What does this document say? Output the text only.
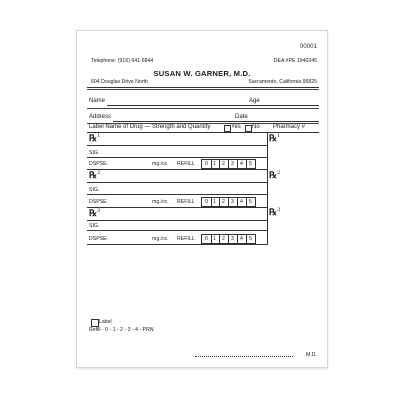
00001
Telephone: (916) 641-6844	DEA #PE 1940245
SUSAN W. GARNER, M.D.
604 Douglas Drive North	Sacramento, California 95825
Name	Age
Address	Date
Label Name of Drug — Strength and Quantity	Yes No Pharmacy #
℞$^1$
SIG.
DSPSE.	mg./cc. REFILL	0 1	2	3	4	5
℞$^1$
℞$^2$
SIG.
DSPSE.	mg./cc. REFILL	0 1	2	3	4	5
℞$^2$
℞$^3$
SIG.
DSPSE.	mg./cc. REFILL	0 1	2	3	4	5
℞$^3$
Label
Refill - 0 - 1 - 2 - 3 - 4 - PRN
M.D.
